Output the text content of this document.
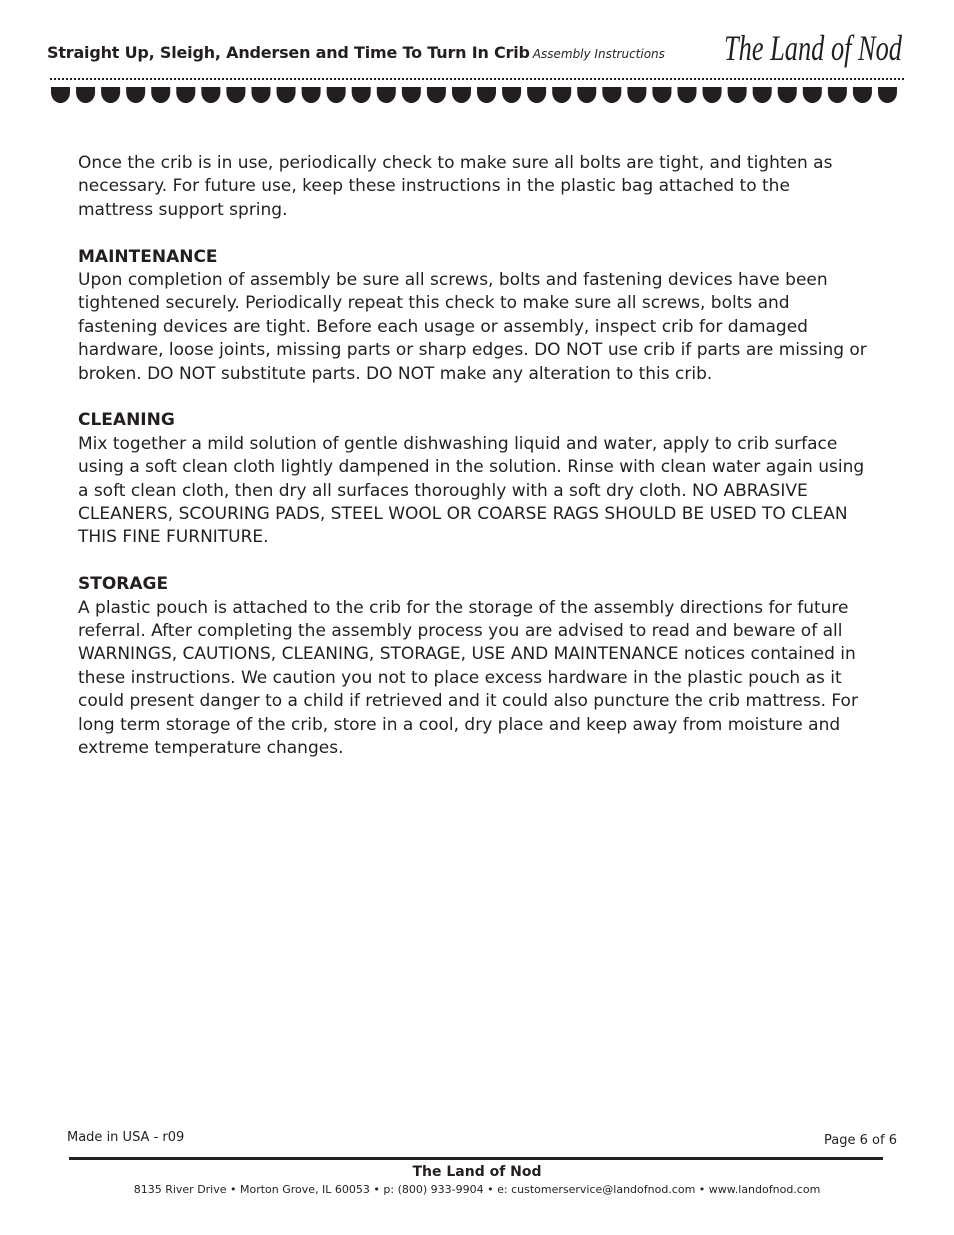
Straight Up, Sleigh, Andersen and Time To Turn In Crib Assembly Instructions The Land of Nod

Once the crib is in use, periodically check to make sure all bolts are tight, and tighten as necessary. For future use, keep these instructions in the plastic bag attached to the mattress support spring.

MAINTENANCE

Upon completion of assembly be sure all screws, bolts and fastening devices have been tightened securely. Periodically repeat this check to make sure all screws, bolts and fastening devices are tight. Before each usage or assembly, inspect crib for damaged hardware, loose joints, missing parts or sharp edges. DO NOT use crib if parts are missing or broken. DO NOT substitute parts. DO NOT make any alteration to this crib.

CLEANING

Mix together a mild solution of gentle dishwashing liquid and water, apply to crib surface using a soft clean cloth lightly dampened in the solution. Rinse with clean water again using a soft clean cloth, then dry all surfaces thoroughly with a soft dry cloth. NO ABRASIVE CLEANERS, SCOURING PADS, STEEL WOOL OR COARSE RAGS SHOULD BE USED TO CLEAN THIS FINE FURNITURE.

STORAGE

A plastic pouch is attached to the crib for the storage of the assembly directions for future referral. After completing the assembly process you are advised to read and beware of all WARNINGS, CAUTIONS, CLEANING, STORAGE, USE AND MAINTENANCE notices contained in these instructions. We caution you not to place excess hardware in the plastic pouch as it could present danger to a child if retrieved and it could also puncture the crib mattress. For long term storage of the crib, store in a cool, dry place and keep away from moisture and extreme temperature changes.

Made in USA - r09	Page 6 of 6
The Land of Nod
8135 River Drive • Morton Grove, IL 60053 • p: (800) 933-9904 • e: customerservice@landofnod.com • www.landofnod.com
